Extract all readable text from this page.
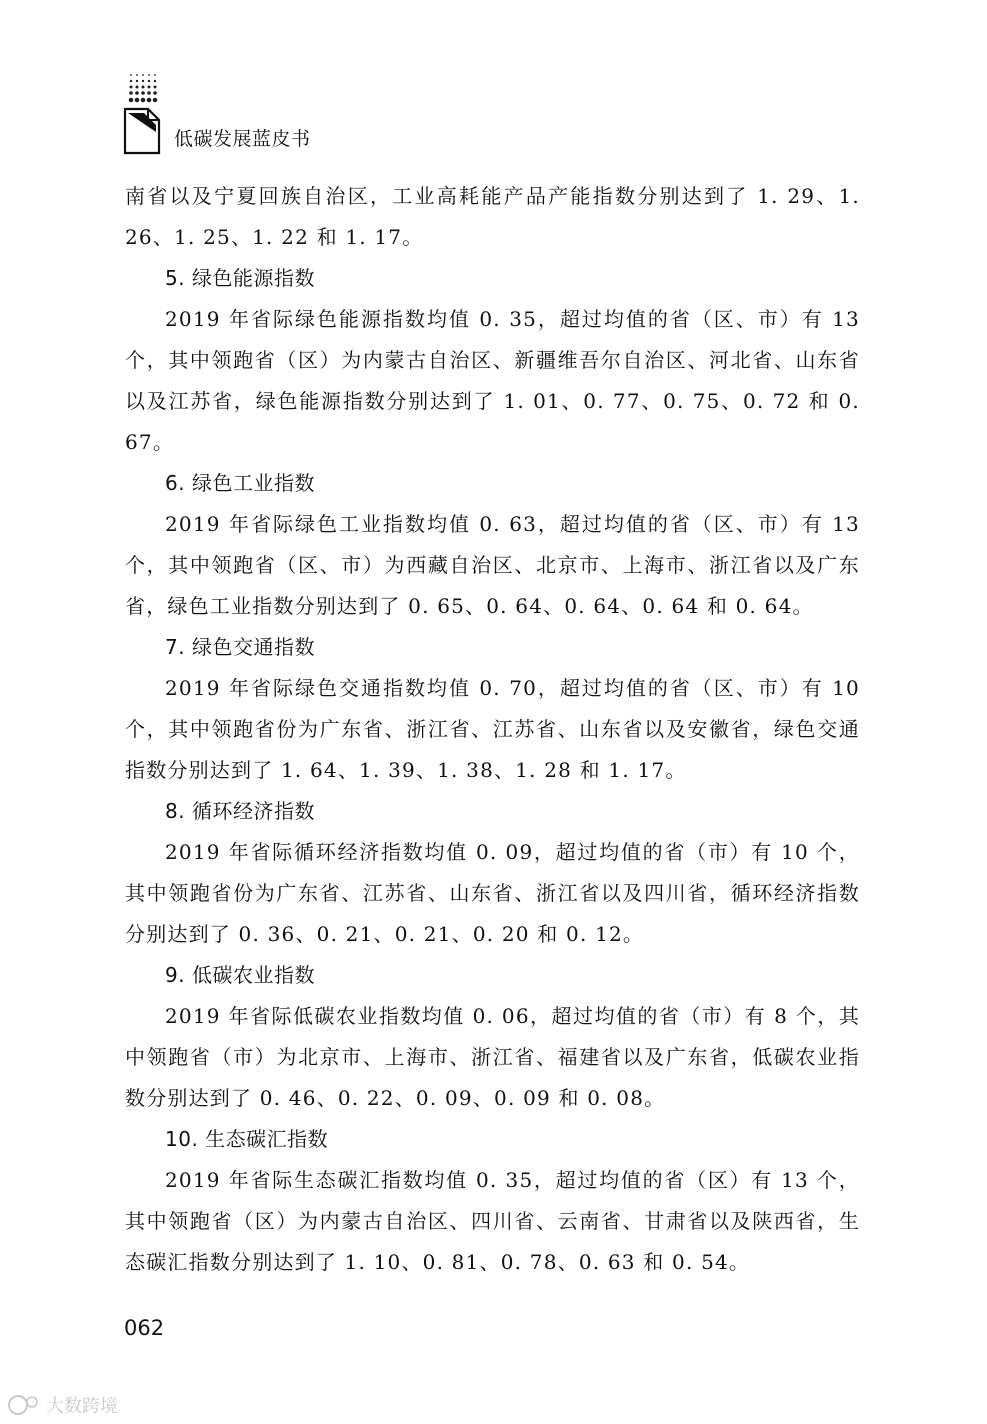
低碳发展蓝皮书

南省以及宁夏回族自治区，工业高耗能产品产能指数分别达到了 1. 29、1. 26、1. 25、1. 22 和 1. 17。

5. 绿色能源指数

2019 年省际绿色能源指数均值 0. 35，超过均值的省（区、市）有 13 个，其中领跑省（区）为内蒙古自治区、新疆维吾尔自治区、河北省、山东省以及江苏省，绿色能源指数分别达到了 1. 01、0. 77、0. 75、0. 72 和 0. 67。

6. 绿色工业指数

2019 年省际绿色工业指数均值 0. 63，超过均值的省（区、市）有 13 个，其中领跑省（区、市）为西藏自治区、北京市、上海市、浙江省以及广东省，绿色工业指数分别达到了 0. 65、0. 64、0. 64、0. 64 和 0. 64。

7. 绿色交通指数

2019 年省际绿色交通指数均值 0. 70，超过均值的省（区、市）有 10 个，其中领跑省份为广东省、浙江省、江苏省、山东省以及安徽省，绿色交通指数分别达到了 1. 64、1. 39、1. 38、1. 28 和 1. 17。

8. 循环经济指数

2019 年省际循环经济指数均值 0. 09，超过均值的省（市）有 10 个，其中领跑省份为广东省、江苏省、山东省、浙江省以及四川省，循环经济指数分别达到了 0. 36、0. 21、0. 21、0. 20 和 0. 12。

9. 低碳农业指数

2019 年省际低碳农业指数均值 0. 06，超过均值的省（市）有 8 个，其中领跑省（市）为北京市、上海市、浙江省、福建省以及广东省，低碳农业指数分别达到了 0. 46、0. 22、0. 09、0. 09 和 0. 08。

10. 生态碳汇指数

2019 年省际生态碳汇指数均值 0. 35，超过均值的省（区）有 13 个，其中领跑省（区）为内蒙古自治区、四川省、云南省、甘肃省以及陕西省，生态碳汇指数分别达到了 1. 10、0. 81、0. 78、0. 63 和 0. 54。

062
大数跨境
